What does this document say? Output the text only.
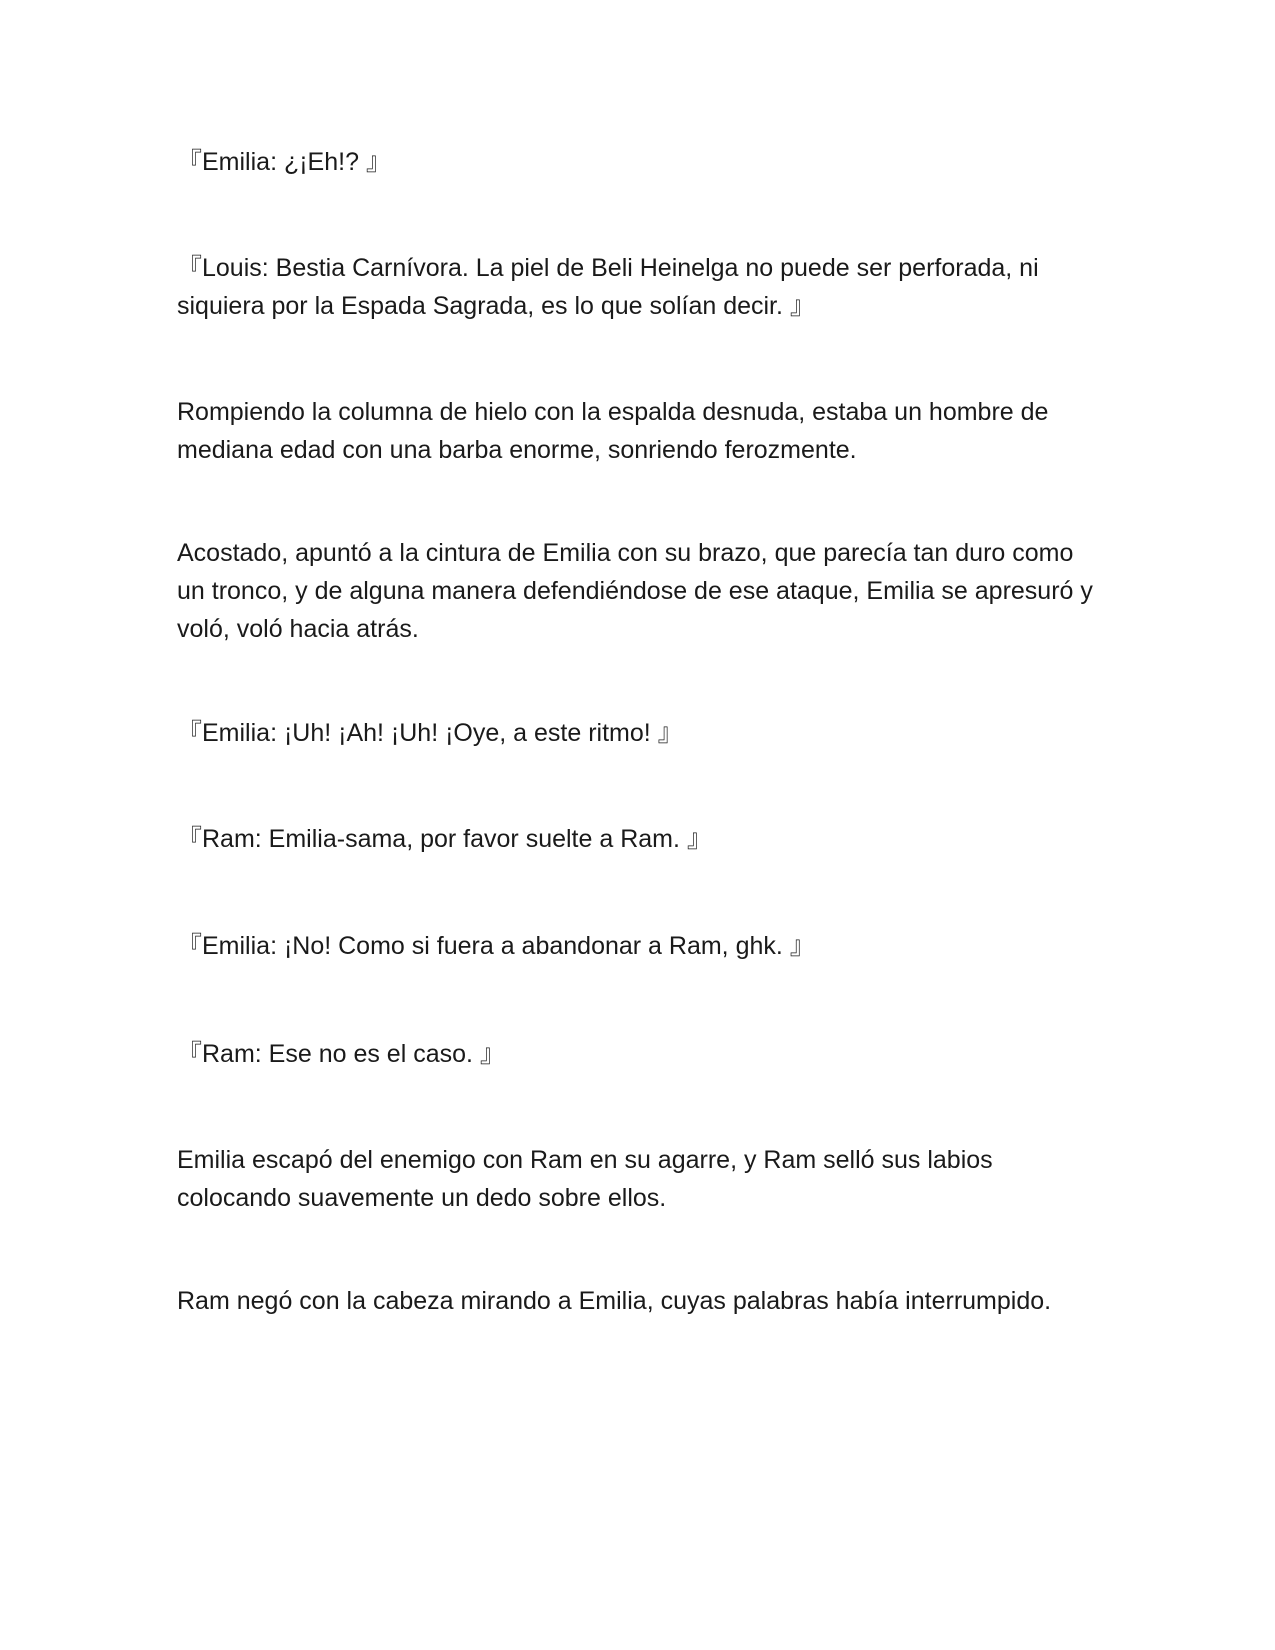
『Emilia: ¿¡Eh!? 』

『Louis: Bestia Carnívora. La piel de Beli Heinelga no puede ser perforada, ni siquiera por la Espada Sagrada, es lo que solían decir. 』

Rompiendo la columna de hielo con la espalda desnuda, estaba un hombre de mediana edad con una barba enorme, sonriendo ferozmente.

Acostado, apuntó a la cintura de Emilia con su brazo, que parecía tan duro como un tronco, y de alguna manera defendiéndose de ese ataque, Emilia se apresuró y voló, voló hacia atrás.

『Emilia: ¡Uh! ¡Ah! ¡Uh! ¡Oye, a este ritmo! 』

『Ram: Emilia-sama, por favor suelte a Ram. 』

『Emilia: ¡No! Como si fuera a abandonar a Ram, ghk. 』

『Ram: Ese no es el caso. 』

Emilia escapó del enemigo con Ram en su agarre, y Ram selló sus labios colocando suavemente un dedo sobre ellos.

Ram negó con la cabeza mirando a Emilia, cuyas palabras había interrumpido.
